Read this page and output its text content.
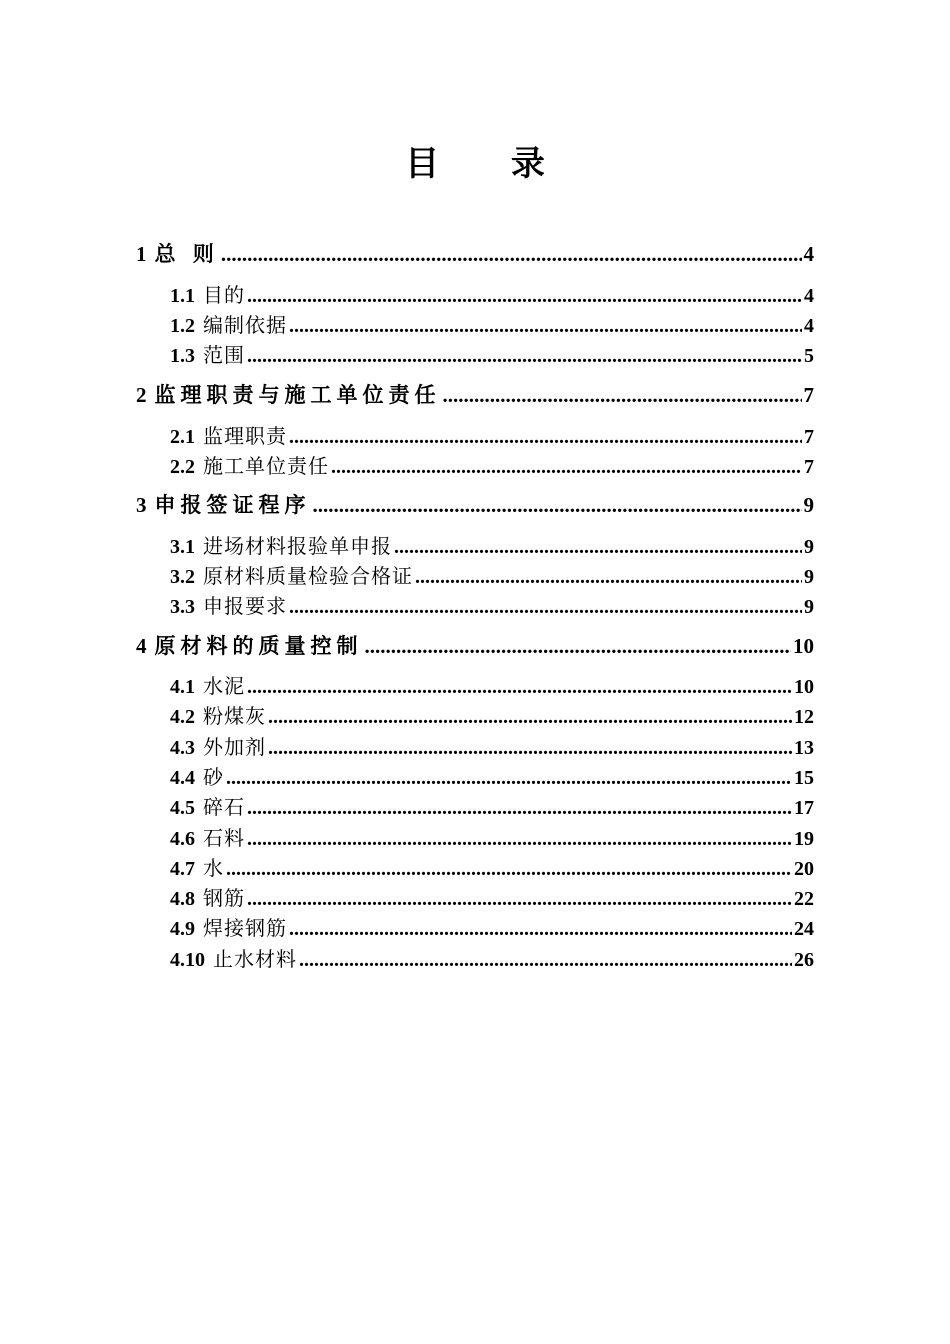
目 录
1 总 则 .....	4
1.1 目的 .....	4
1.2 编制依据 .....	4
1.3 范围 .....	5
2 监理职责与施工单位责任 .....	7
2.1 监理职责 .....	7
2.2 施工单位责任 .....	7
3 申报签证程序 .....	9
3.1 进场材料报验单申报 .....	9
3.2 原材料质量检验合格证 .....	9
3.3 申报要求 .....	9
4 原材料的质量控制 .....	10
4.1 水泥 .....	10
4.2 粉煤灰 .....	12
4.3 外加剂 .....	13
4.4 砂 .....	15
4.5 碎石 .....	17
4.6 石料 .....	19
4.7 水 .....	20
4.8 钢筋 .....	22
4.9 焊接钢筋 .....	24
4.10 止水材料 .....	26
